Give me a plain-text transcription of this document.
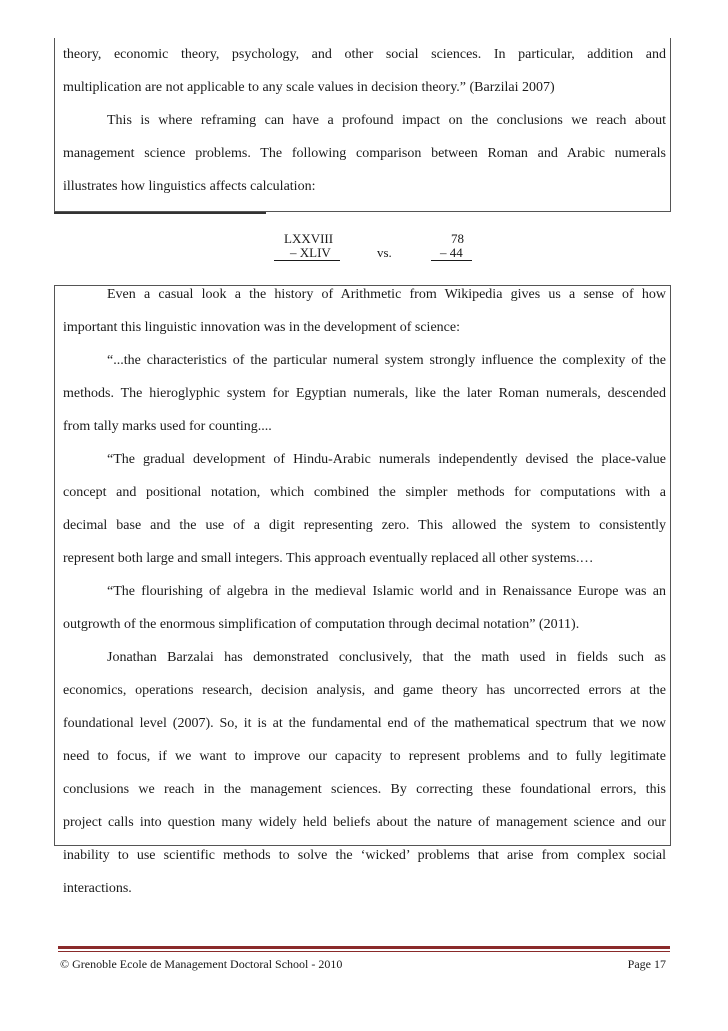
theory, economic theory, psychology, and other social sciences. In particular, addition and
multiplication are not applicable to any scale values in decision theory.” (Barzilai 2007)
This is where reframing can have a profound impact on the conclusions we reach about
management science problems. The following comparison between Roman and Arabic numerals
illustrates how linguistics affects calculation:
LXXVIII
– XLIV	vs.
78
– 44
Even a casual look a the history of Arithmetic from Wikipedia gives us a sense of how
important this linguistic innovation was in the development of science:
“...the characteristics of the particular numeral system strongly influence the complexity of the
methods. The hieroglyphic system for Egyptian numerals, like the later Roman numerals, descended
from tally marks used for counting....
“The gradual development of Hindu-Arabic numerals independently devised the place-value
concept and positional notation, which combined the simpler methods for computations with a
decimal base and the use of a digit representing zero. This allowed the system to consistently
represent both large and small integers. This approach eventually replaced all other systems.…
“The flourishing of algebra in the medieval Islamic world and in Renaissance Europe was an
outgrowth of the enormous simplification of computation through decimal notation” (2011).
Jonathan Barzalai has demonstrated conclusively, that the math used in fields such as
economics, operations research, decision analysis, and game theory has uncorrected errors at the
foundational level (2007). So, it is at the fundamental end of the mathematical spectrum that we now
need to focus, if we want to improve our capacity to represent problems and to fully legitimate
conclusions we reach in the management sciences. By correcting these foundational errors, this
project calls into question many widely held beliefs about the nature of management science and our
inability to use scientific methods to solve the ‘wicked’ problems that arise from complex social
interactions.
© Grenoble Ecole de Management Doctoral School - 2010	Page 17
